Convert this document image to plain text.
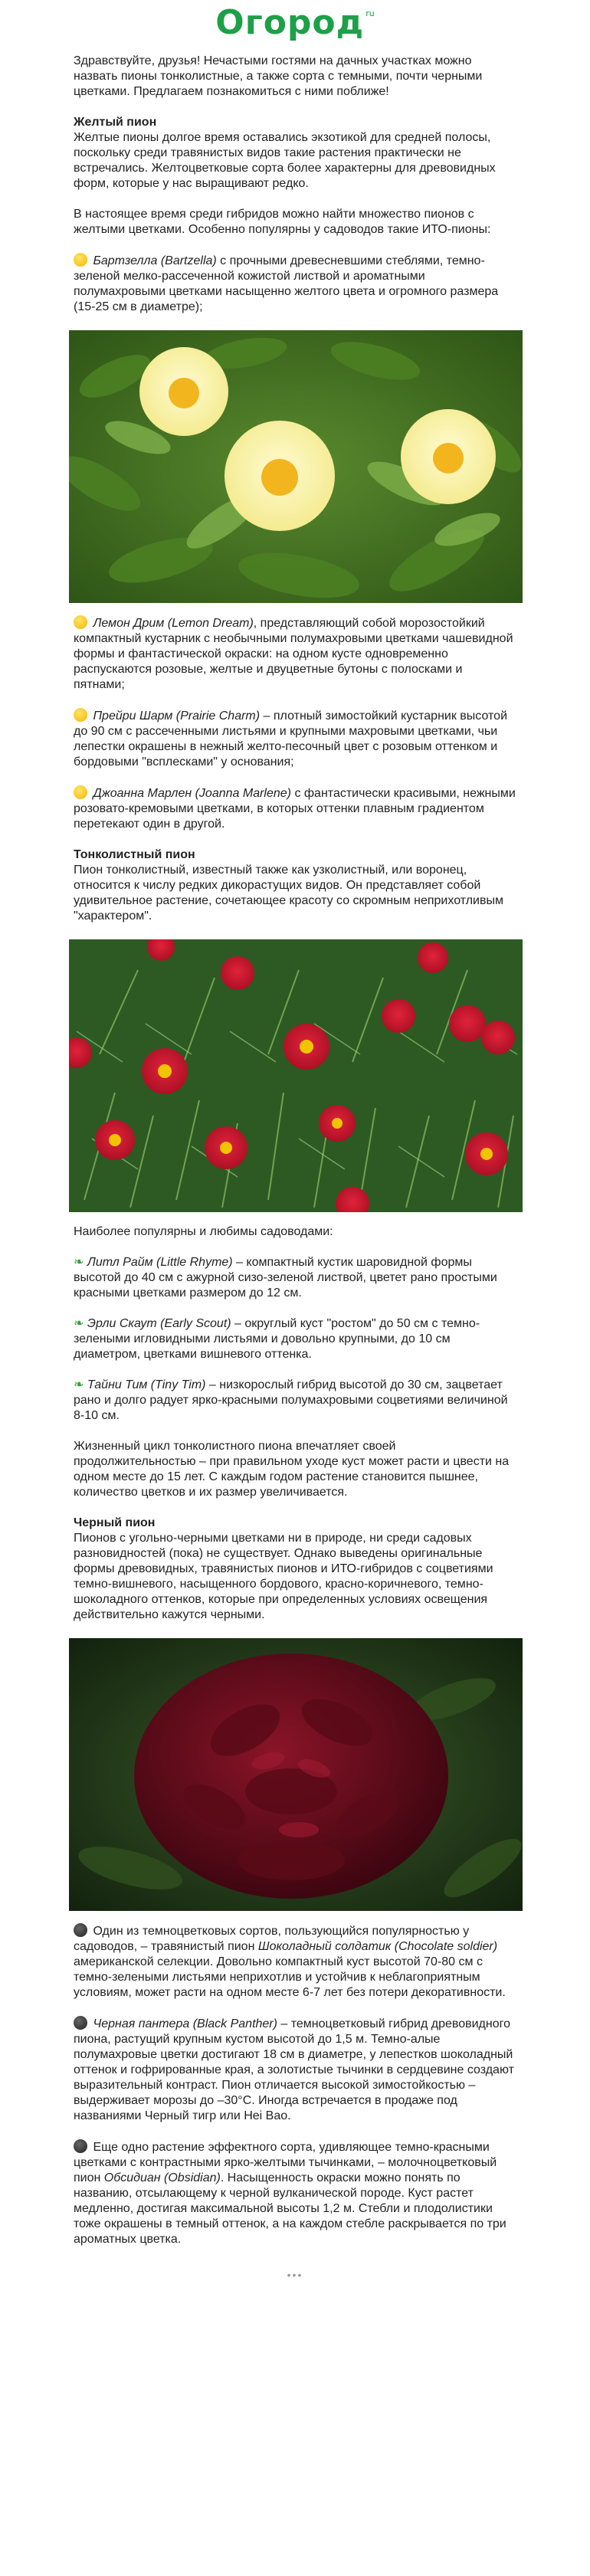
Огород ru

Здравствуйте, друзья! Нечастыми гостями на дачных участках можно назвать пионы тонколистные, а также сорта с темными, почти черными цветками. Предлагаем познакомиться с ними поближе!

Желтый пион

Желтые пионы долгое время оставались экзотикой для средней полосы, поскольку среди травянистых видов такие растения практически не встречались. Желтоцветковые сорта более характерны для древовидных форм, которые у нас выращивают редко.

В настоящее время среди гибридов можно найти множество пионов с желтыми цветками. Особенно популярны у садоводов такие ИТО-пионы:

Бартзелла (Bartzella) с прочными древесневшими стеблями, темно-зеленой мелко-рассеченной кожистой листвой и ароматными полумахровыми цветками насыщенно желтого цвета и огромного размера (15-25 см в диаметре);

Лемон Дрим (Lemon Dream), представляющий собой морозостойкий компактный кустарник с необычными полумахровыми цветками чашевидной формы и фантастической окраски: на одном кусте одновременно распускаются розовые, желтые и двуцветные бутоны с полосками и пятнами;

Прейри Шарм (Prairie Charm) – плотный зимостойкий кустарник высотой до 90 см с рассеченными листьями и крупными махровыми цветками, чьи лепестки окрашены в нежный желто-песочный цвет с розовым оттенком и бордовыми "всплесками" у основания;

Джоанна Марлен (Joanna Marlene) с фантастически красивыми, нежными розовато-кремовыми цветками, в которых оттенки плавным градиентом перетекают один в другой.

Тонколистный пион

Пион тонколистный, известный также как узколистный, или воронец, относится к числу редких дикорастущих видов. Он представляет собой удивительное растение, сочетающее красоту со скромным неприхотливым "характером".

Наиболее популярны и любимы садоводами:

❧ Литл Райм (Little Rhyme) – компактный кустик шаровидной формы высотой до 40 см с ажурной сизо-зеленой листвой, цветет рано простыми красными цветками размером до 12 см.

❧ Эрли Скаут (Early Scout) – округлый куст "ростом" до 50 см с темно-зелеными игловидными листьями и довольно крупными, до 10 см диаметром, цветками вишневого оттенка.

❧ Тайни Тим (Tiny Tim) – низкорослый гибрид высотой до 30 см, зацветает рано и долго радует ярко-красными полумахровыми соцветиями величиной 8-10 см.

Жизненный цикл тонколистного пиона впечатляет своей продолжительностью – при правильном уходе куст может расти и цвести на одном месте до 15 лет. С каждым годом растение становится пышнее, количество цветков и их размер увеличивается.

Черный пион

Пионов с угольно-черными цветками ни в природе, ни среди садовых разновидностей (пока) не существует. Однако выведены оригинальные формы древовидных, травянистых пионов и ИТО-гибридов с соцветиями темно-вишневого, насыщенного бордового, красно-коричневого, темно-шоколадного оттенков, которые при определенных условиях освещения действительно кажутся черными.

Один из темноцветковых сортов, пользующийся популярностью у садоводов, – травянистый пион Шоколадный солдатик (Chocolate soldier) американской селекции. Довольно компактный куст высотой 70-80 см с темно-зелеными листьями неприхотлив и устойчив к неблагоприятным условиям, может расти на одном месте 6-7 лет без потери декоративности.

Черная пантера (Black Panther) – темноцветковый гибрид древовидного пиона, растущий крупным кустом высотой до 1,5 м. Темно-алые полумахровые цветки достигают 18 см в диаметре, у лепестков шоколадный оттенок и гофрированные края, а золотистые тычинки в сердцевине создают выразительный контраст. Пион отличается высокой зимостойкостью – выдерживает морозы до –30°С. Иногда встречается в продаже под названиями Черный тигр или Hei Bao.

Еще одно растение эффектного сорта, удивляющее темно-красными цветками с контрастными ярко-желтыми тычинками, – молочноцветковый пион Обсидиан (Obsidian). Насыщенность окраски можно понять по названию, отсылающему к черной вулканической породе. Куст растет медленно, достигая максимальной высоты 1,2 м. Стебли и плодолистики тоже окрашены в темный оттенок, а на каждом стебле раскрывается по три ароматных цветка.

•••
